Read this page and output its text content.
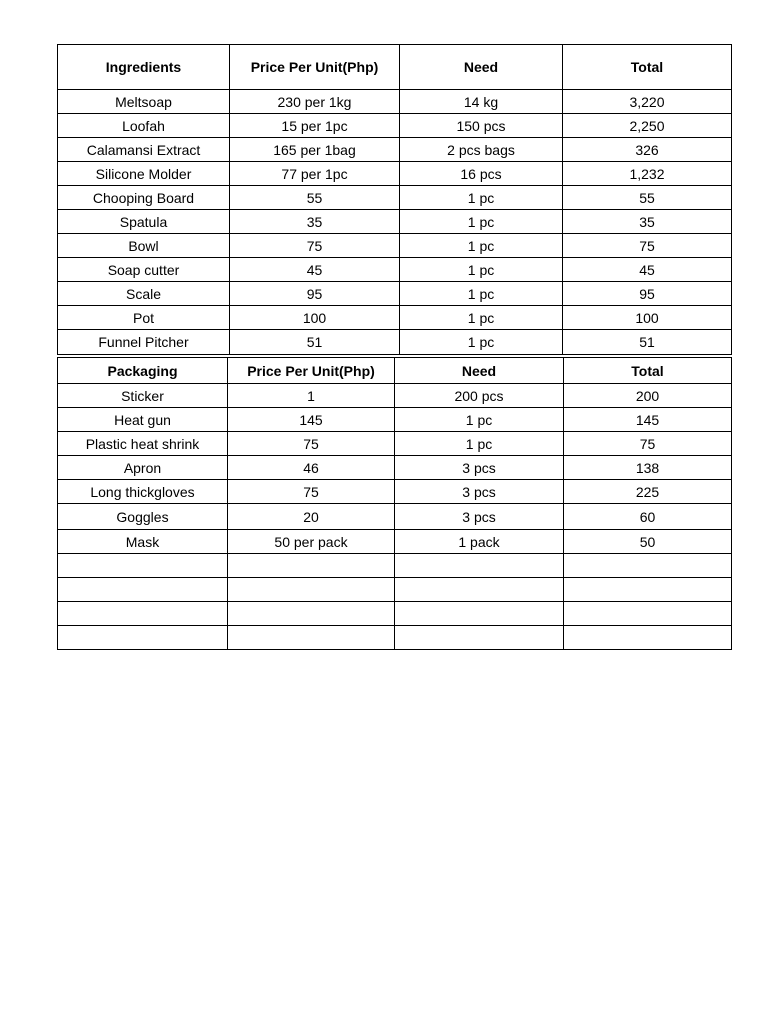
Ingredients	Price Per Unit(Php)	Need	Total
Meltsoap	230 per 1kg	14 kg	3,220
Loofah	15 per 1pc	150 pcs	2,250
Calamansi Extract	165 per 1bag	2 pcs bags	326
Silicone Molder	77 per 1pc	16 pcs	1,232
Chooping Board	55	1 pc	55
Spatula	35	1 pc	35
Bowl	75	1 pc	75
Soap cutter	45	1 pc	45
Scale	95	1 pc	95
Pot	100	1 pc	100
Funnel Pitcher	51	1 pc	51
Packaging	Price Per Unit(Php)	Need	Total
Sticker	1	200 pcs	200
Heat gun	145	1 pc	145
Plastic heat shrink	75	1 pc	75
Apron	46	3 pcs	138
Long thickgloves	75	3 pcs	225
Goggles	20	3 pcs	60
Mask	50 per pack	1 pack	50
